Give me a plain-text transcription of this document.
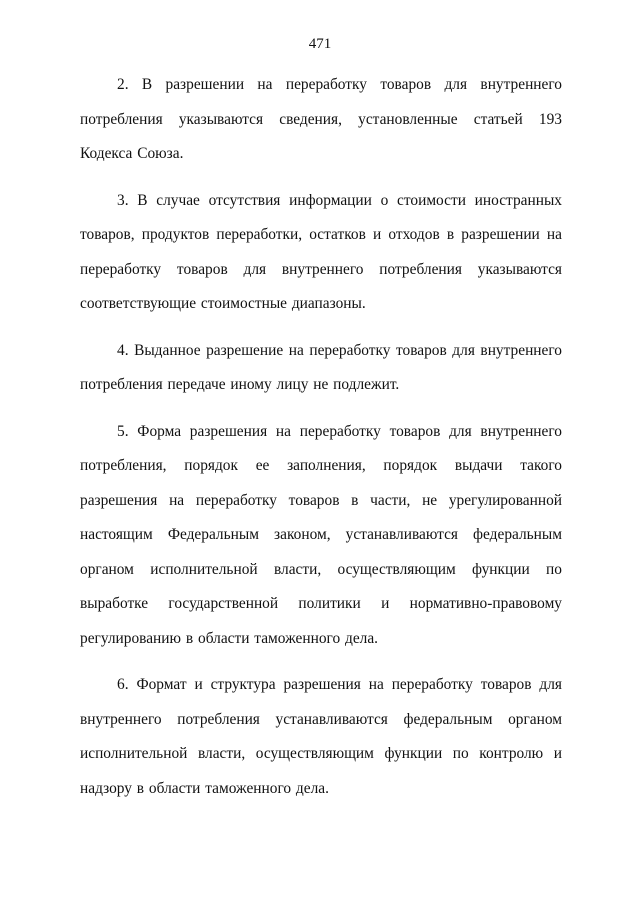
471

2. В разрешении на переработку товаров для внутреннего потребления указываются сведения, установленные статьей 193 Кодекса Союза.

3. В случае отсутствия информации о стоимости иностранных товаров, продуктов переработки, остатков и отходов в разрешении на переработку товаров для внутреннего потребления указываются соответствующие стоимостные диапазоны.

4. Выданное разрешение на переработку товаров для внутреннего потребления передаче иному лицу не подлежит.

5. Форма разрешения на переработку товаров для внутреннего потребления, порядок ее заполнения, порядок выдачи такого разрешения на переработку товаров в части, не урегулированной настоящим Федеральным законом, устанавливаются федеральным органом исполнительной власти, осуществляющим функции по выработке государственной политики и нормативно-правовому регулированию в области таможенного дела.

6. Формат и структура разрешения на переработку товаров для внутреннего потребления устанавливаются федеральным органом исполнительной власти, осуществляющим функции по контролю и надзору в области таможенного дела.
